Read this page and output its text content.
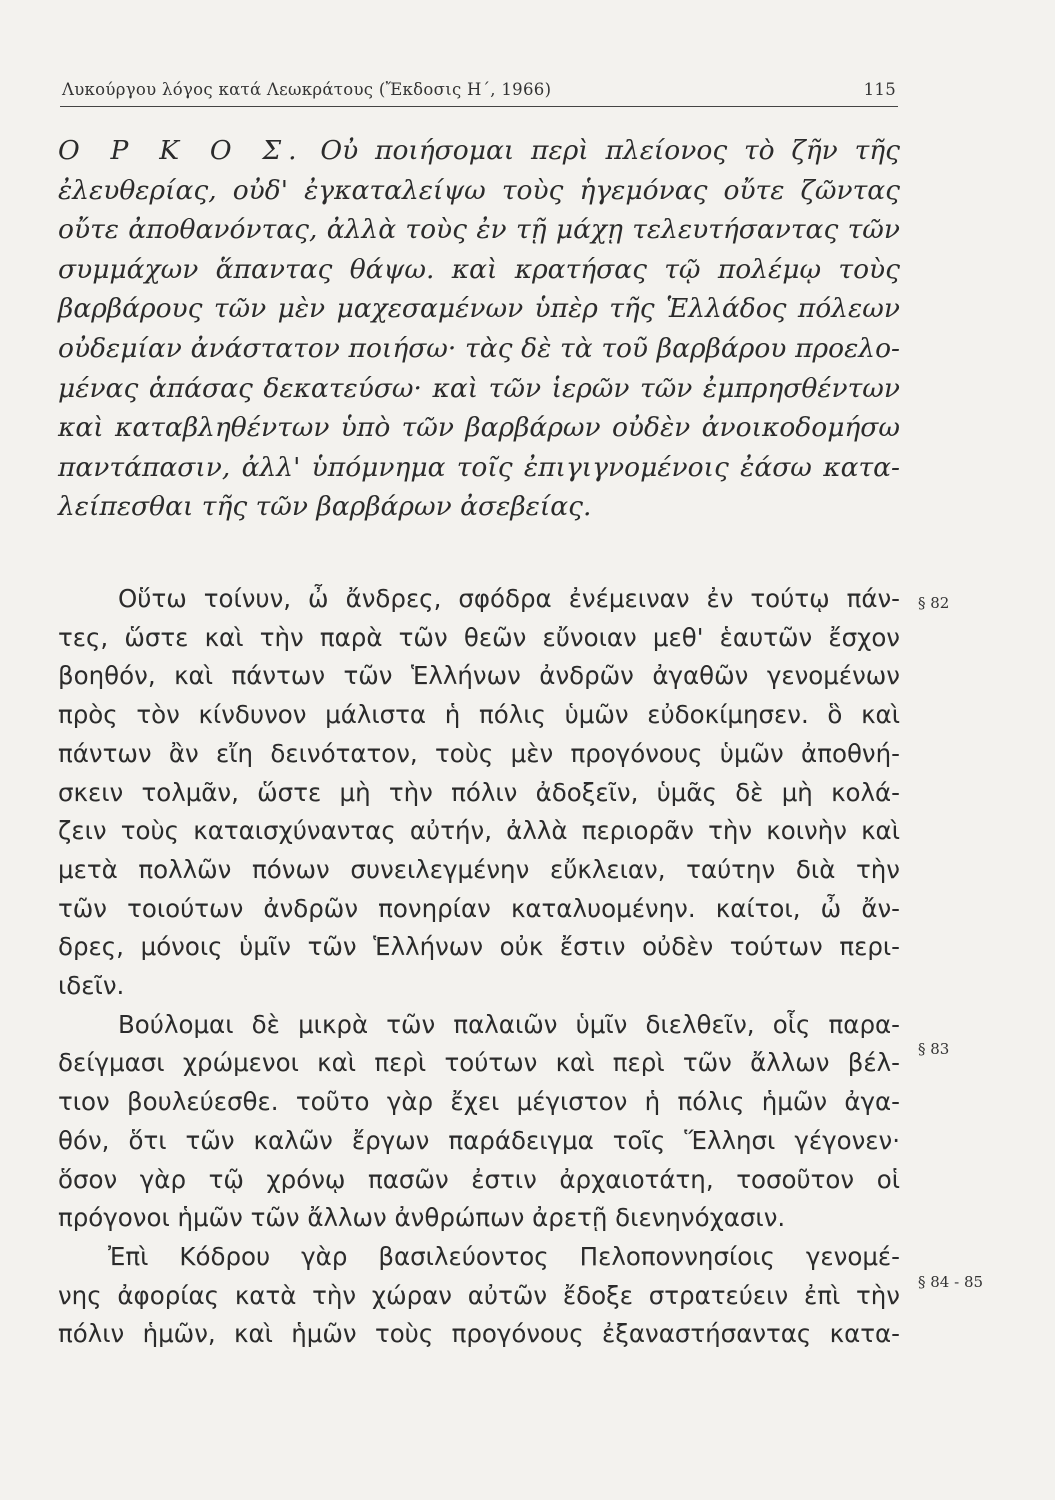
Λυκούργου λόγος κατά Λεωκράτους (Ἔκδοσις Η΄, 1966)	115
Ο Ρ Κ Ο Σ. Οὐ ποιήσομαι περὶ πλείονος τὸ ζῆν τῆς
ἐλευθερίας, οὐδ' ἐγκαταλείψω τοὺς ἡγεμόνας οὔτε ζῶντας
οὔτε ἀποθανόντας, ἀλλὰ τοὺς ἐν τῇ μάχῃ τελευτήσαντας τῶν
συμμάχων ἅπαντας θάψω. καὶ κρατήσας τῷ πολέμῳ τοὺς
βαρβάρους τῶν μὲν μαχεσαμένων ὑπὲρ τῆς Ἑλλάδος πόλεων
οὐδεμίαν ἀνάστατον ποιήσω· τὰς δὲ τὰ τοῦ βαρβάρου προελο-
μένας ἁπάσας δεκατεύσω· καὶ τῶν ἱερῶν τῶν ἐμπρησθέντων
καὶ καταβληθέντων ὑπὸ τῶν βαρβάρων οὐδὲν ἀνοικοδομήσω
παντάπασιν, ἀλλ' ὑπόμνημα τοῖς ἐπιγιγνομένοις ἐάσω κατα-
λείπεσθαι τῆς τῶν βαρβάρων ἀσεβείας.
Οὕτω τοίνυν, ὦ ἄνδρες, σφόδρα ἐνέμειναν ἐν τούτῳ πάν-
τες, ὥστε καὶ τὴν παρὰ τῶν θεῶν εὔνοιαν μεθ' ἑαυτῶν ἔσχον
βοηθόν, καὶ πάντων τῶν Ἑλλήνων ἀνδρῶν ἀγαθῶν γενομένων
πρὸς τὸν κίνδυνον μάλιστα ἡ πόλις ὑμῶν εὐδοκίμησεν. ὃ καὶ
πάντων ἂν εἴη δεινότατον, τοὺς μὲν προγόνους ὑμῶν ἀποθνή-
σκειν τολμᾶν, ὥστε μὴ τὴν πόλιν ἀδοξεῖν, ὑμᾶς δὲ μὴ κολά-
ζειν τοὺς καταισχύναντας αὐτήν, ἀλλὰ περιορᾶν τὴν κοινὴν καὶ
μετὰ πολλῶν πόνων συνειλεγμένην εὔκλειαν, ταύτην διὰ τὴν
τῶν τοιούτων ἀνδρῶν πονηρίαν καταλυομένην. καίτοι, ὦ ἄν-
δρες, μόνοις ὑμῖν τῶν Ἑλλήνων οὐκ ἔστιν οὐδὲν τούτων περι-
ιδεῖν.
Βούλομαι δὲ μικρὰ τῶν παλαιῶν ὑμῖν διελθεῖν, οἷς παρα-
δείγμασι χρώμενοι καὶ περὶ τούτων καὶ περὶ τῶν ἄλλων βέλ-
τιον βουλεύεσθε. τοῦτο γὰρ ἔχει μέγιστον ἡ πόλις ἡμῶν ἀγα-
θόν, ὅτι τῶν καλῶν ἔργων παράδειγμα τοῖς Ἕλλησι γέγονεν·
ὅσον γὰρ τῷ χρόνῳ πασῶν ἐστιν ἀρχαιοτάτη, τοσοῦτον οἱ
πρόγονοι ἡμῶν τῶν ἄλλων ἀνθρώπων ἀρετῇ διενηνόχασιν.
Ἐπὶ Κόδρου γὰρ βασιλεύοντος Πελοποννησίοις γενομέ-
νης ἀφορίας κατὰ τὴν χώραν αὐτῶν ἔδοξε στρατεύειν ἐπὶ τὴν
πόλιν ἡμῶν, καὶ ἡμῶν τοὺς προγόνους ἐξαναστήσαντας κατα-
§ 82
§ 83
§ 84 - 85
